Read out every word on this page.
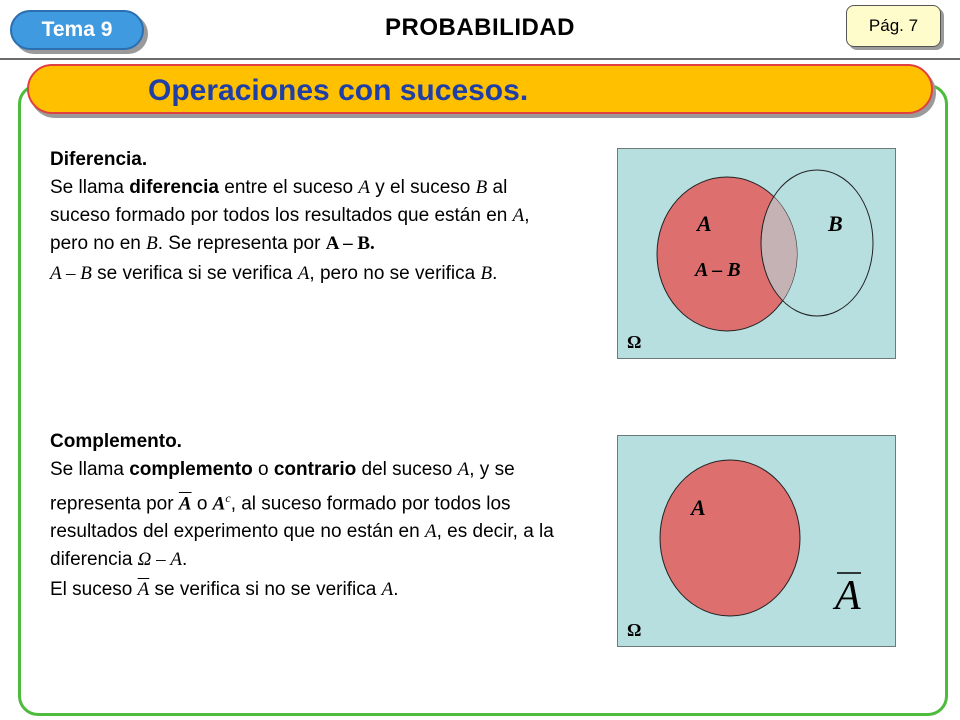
Tema 9	PROBABILIDAD	Pág. 7
Operaciones con sucesos.
Diferencia.
Se llama diferencia entre el suceso A y el suceso B al suceso formado por todos los resultados que están en A, pero no en B. Se representa por A – B.
A – B se verifica si se verifica A, pero no se verifica B.
Complemento.
Se llama complemento o contrario del suceso A, y se representa por $\overline{A}$ o $A^c$, al suceso formado por todos los resultados del experimento que no están en A, es decir, a la diferencia Ω – A.
El suceso $\overline{A}$ se verifica si no se verifica A.
A	B
A – B
Ω
A
A
Ω
